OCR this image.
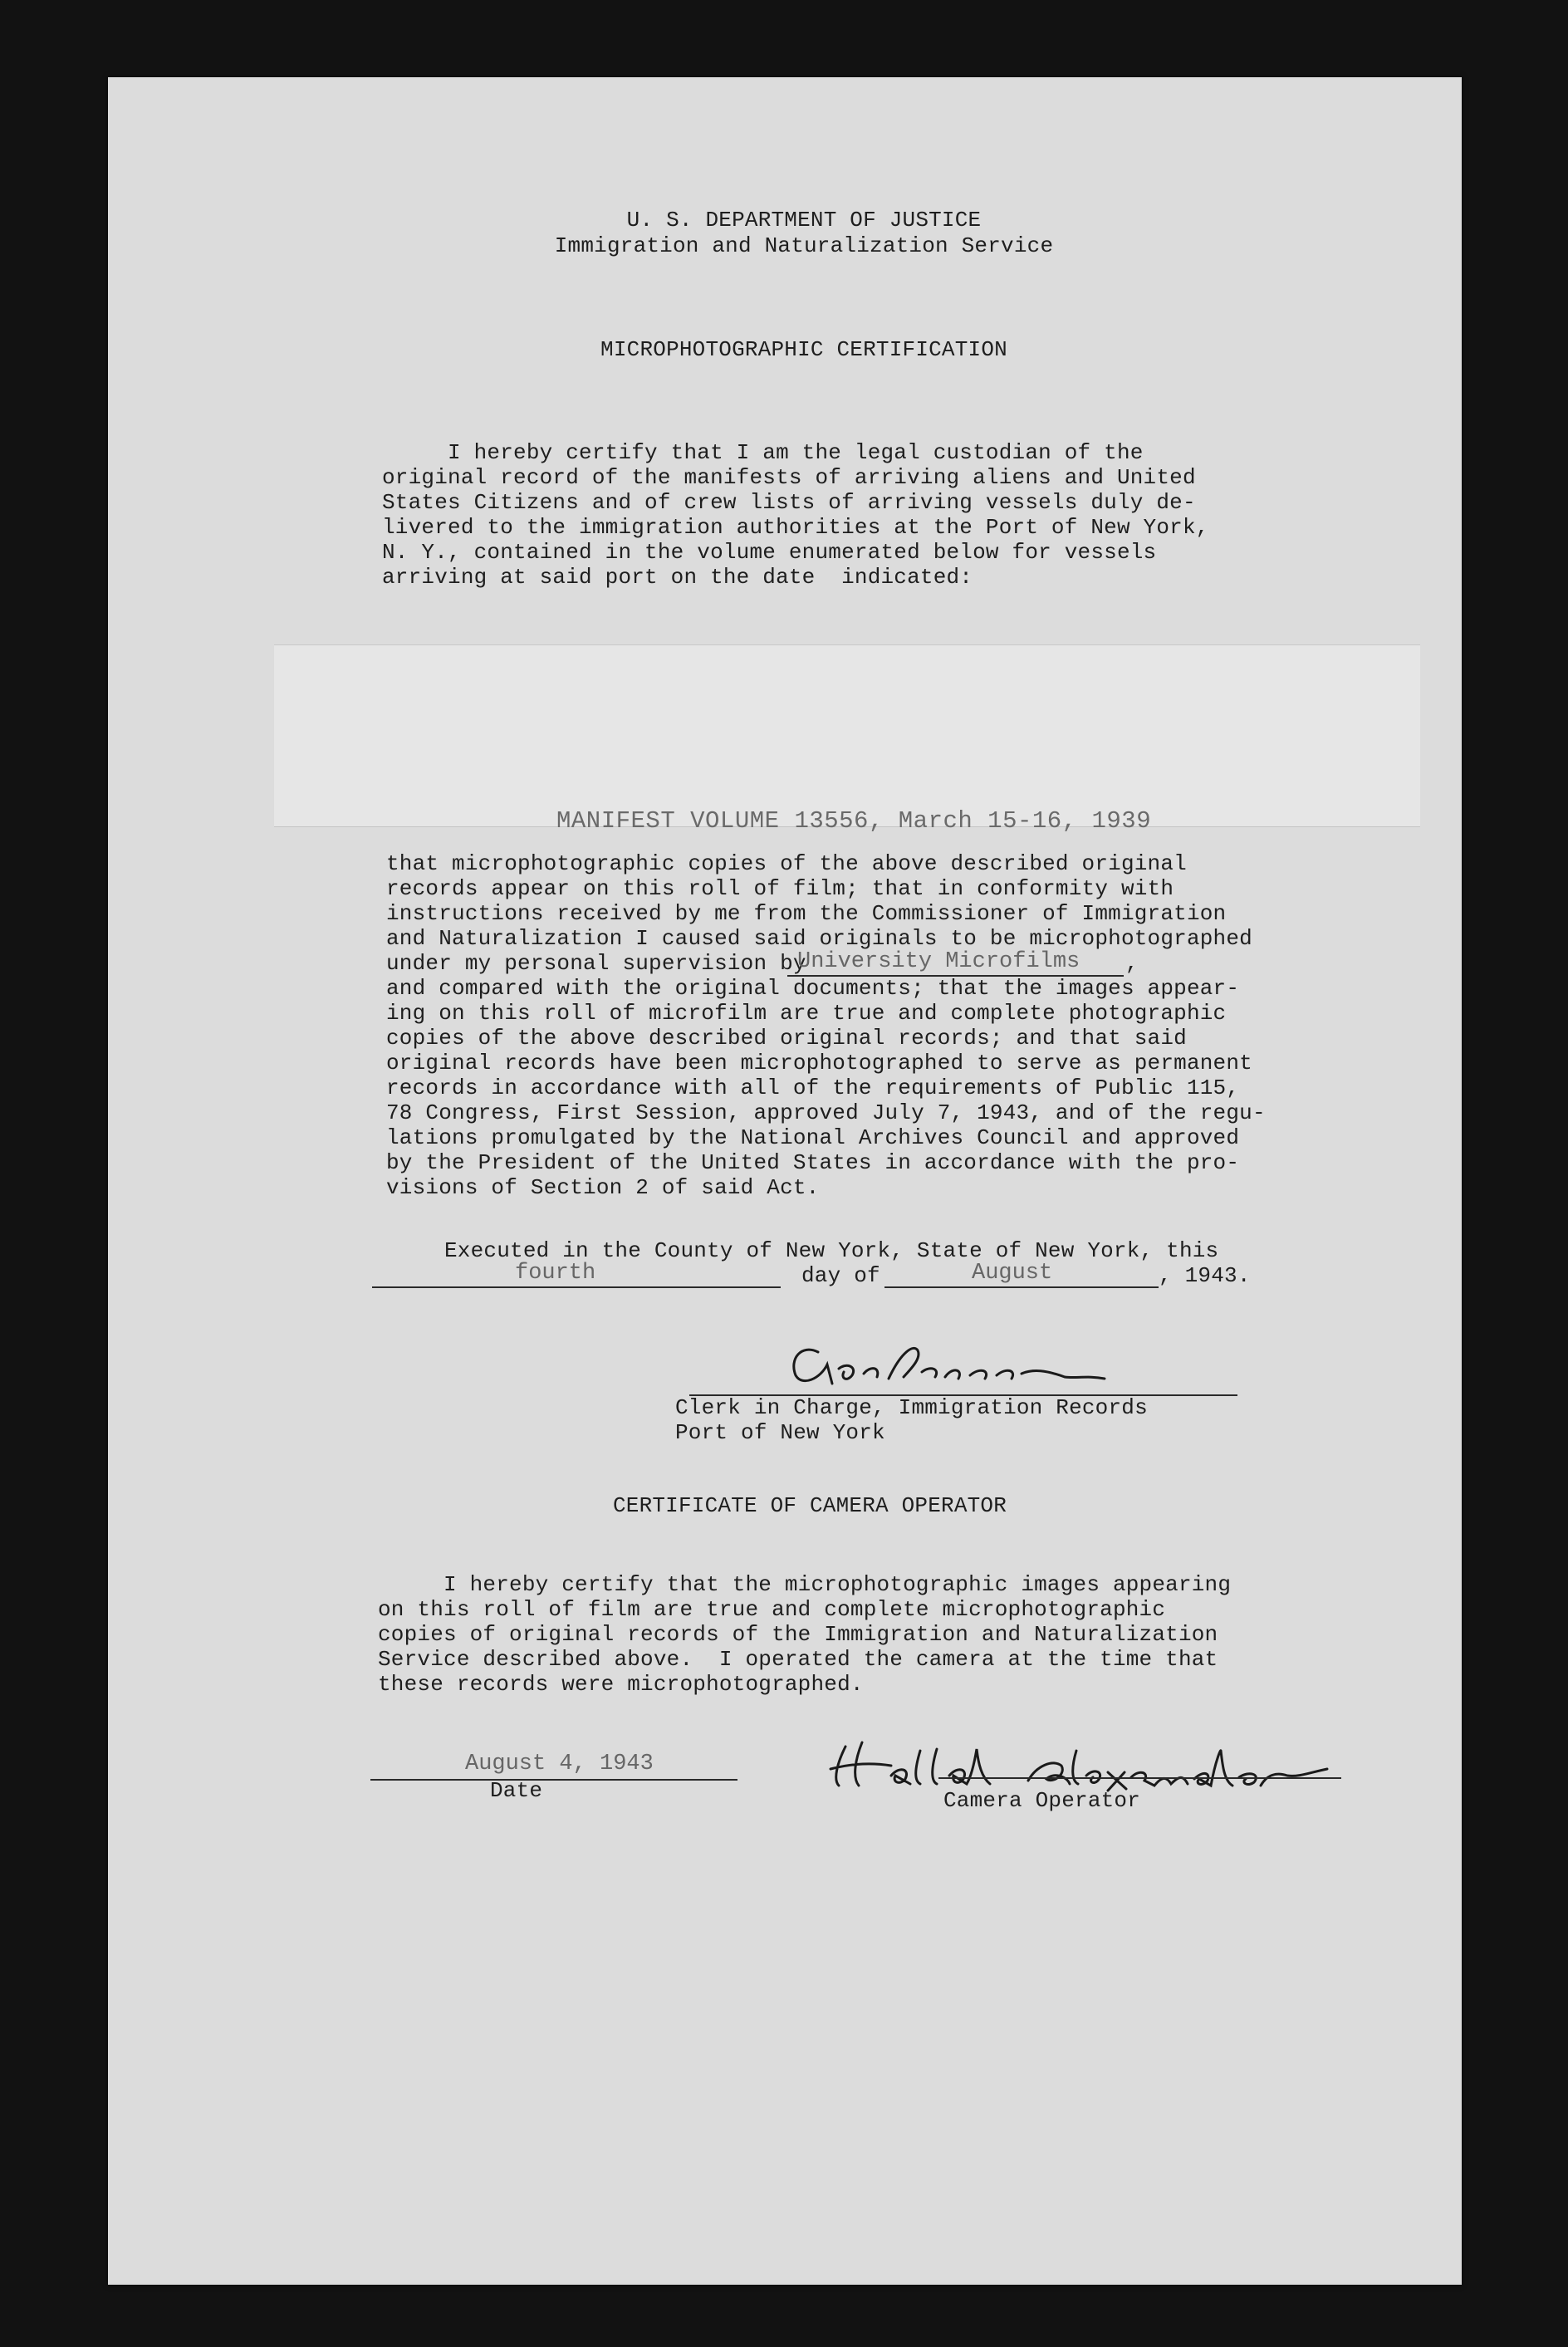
U. S. DEPARTMENT OF JUSTICE
Immigration and Naturalization Service
MICROPHOTOGRAPHIC CERTIFICATION
I hereby certify that I am the legal custodian of the
original record of the manifests of arriving aliens and United
States Citizens and of crew lists of arriving vessels duly de-
livered to the immigration authorities at the Port of New York,
N. Y., contained in the volume enumerated below for vessels
arriving at said port on the date  indicated:
MANIFEST VOLUME 13556, March 15-16, 1939
that microphotographic copies of the above described original
records appear on this roll of film; that in conformity with
instructions received by me from the Commissioner of Immigration
and Naturalization I caused said originals to be microphotographed
under my personal supervision by
University Microfilms ,
and compared with the original documents; that the images appear-
ing on this roll of microfilm are true and complete photographic
copies of the above described original records; and that said
original records have been microphotographed to serve as permanent
records in accordance with all of the requirements of Public 115,
78 Congress, First Session, approved July 7, 1943, and of the regu-
lations promulgated by the National Archives Council and approved
by the President of the United States in accordance with the pro-
visions of Section 2 of said Act.
Executed in the County of New York, State of New York, this
fourth	day of	August	, 1943.
Clerk in Charge, Immigration Records
Port of New York
CERTIFICATE OF CAMERA OPERATOR
I hereby certify that the microphotographic images appearing
on this roll of film are true and complete microphotographic
copies of original records of the Immigration and Naturalization
Service described above.  I operated the camera at the time that
these records were microphotographed.
August 4, 1943
Date	Camera Operator
